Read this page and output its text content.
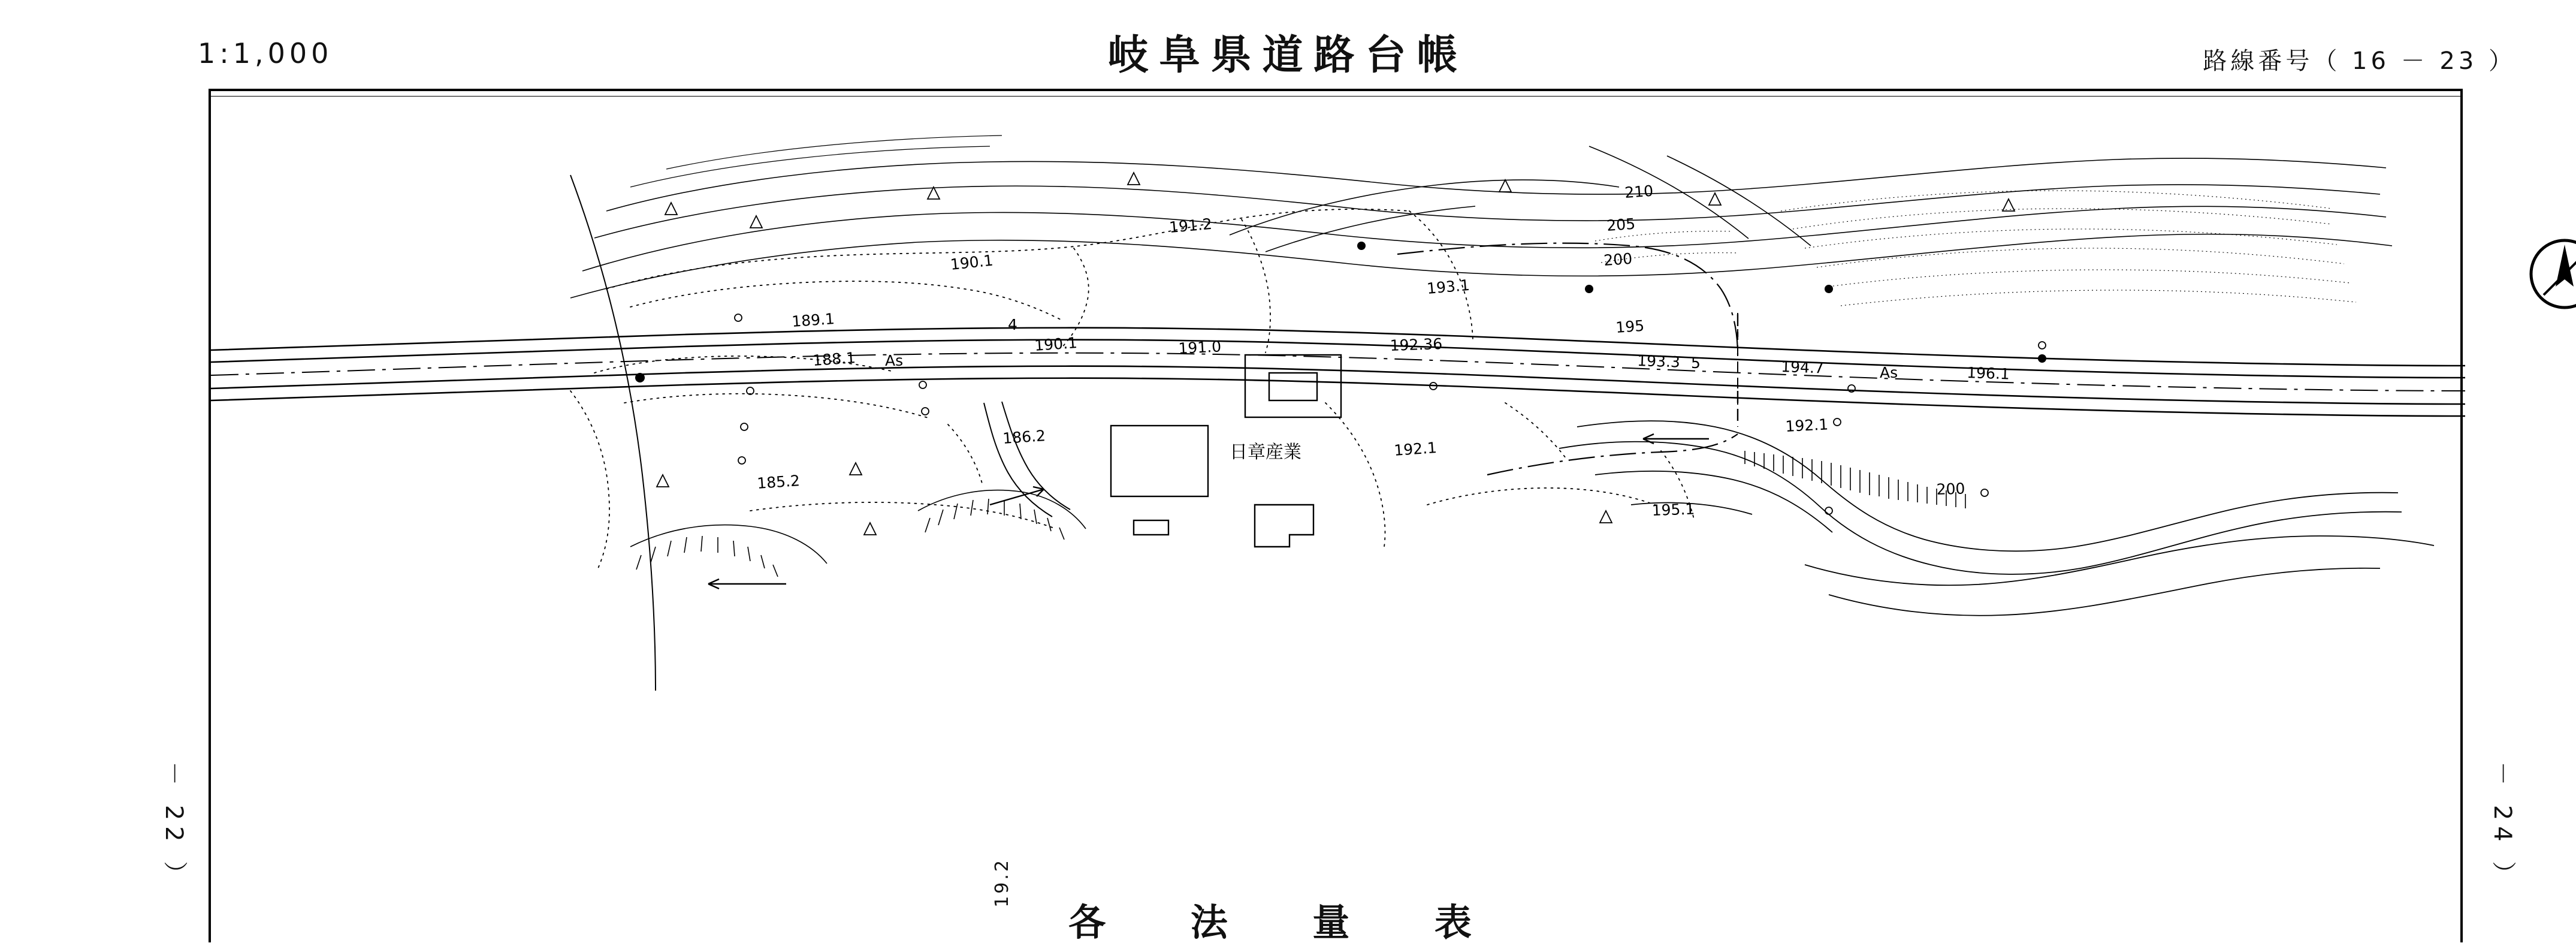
1:1,000	岐阜県道路台帳	路線番号（ 16 － 23 ）
210
205
200
191.2
190.1
193.1
189.1	195
188.1 As
190.1	191.0	192.36
193.3	194.7	As	196.1
4
5
186.2
192.1
192.1
185.2
195.1
200
日章産業
－ 22 ）	－ 24 ）
19.2
各 法 量 表
